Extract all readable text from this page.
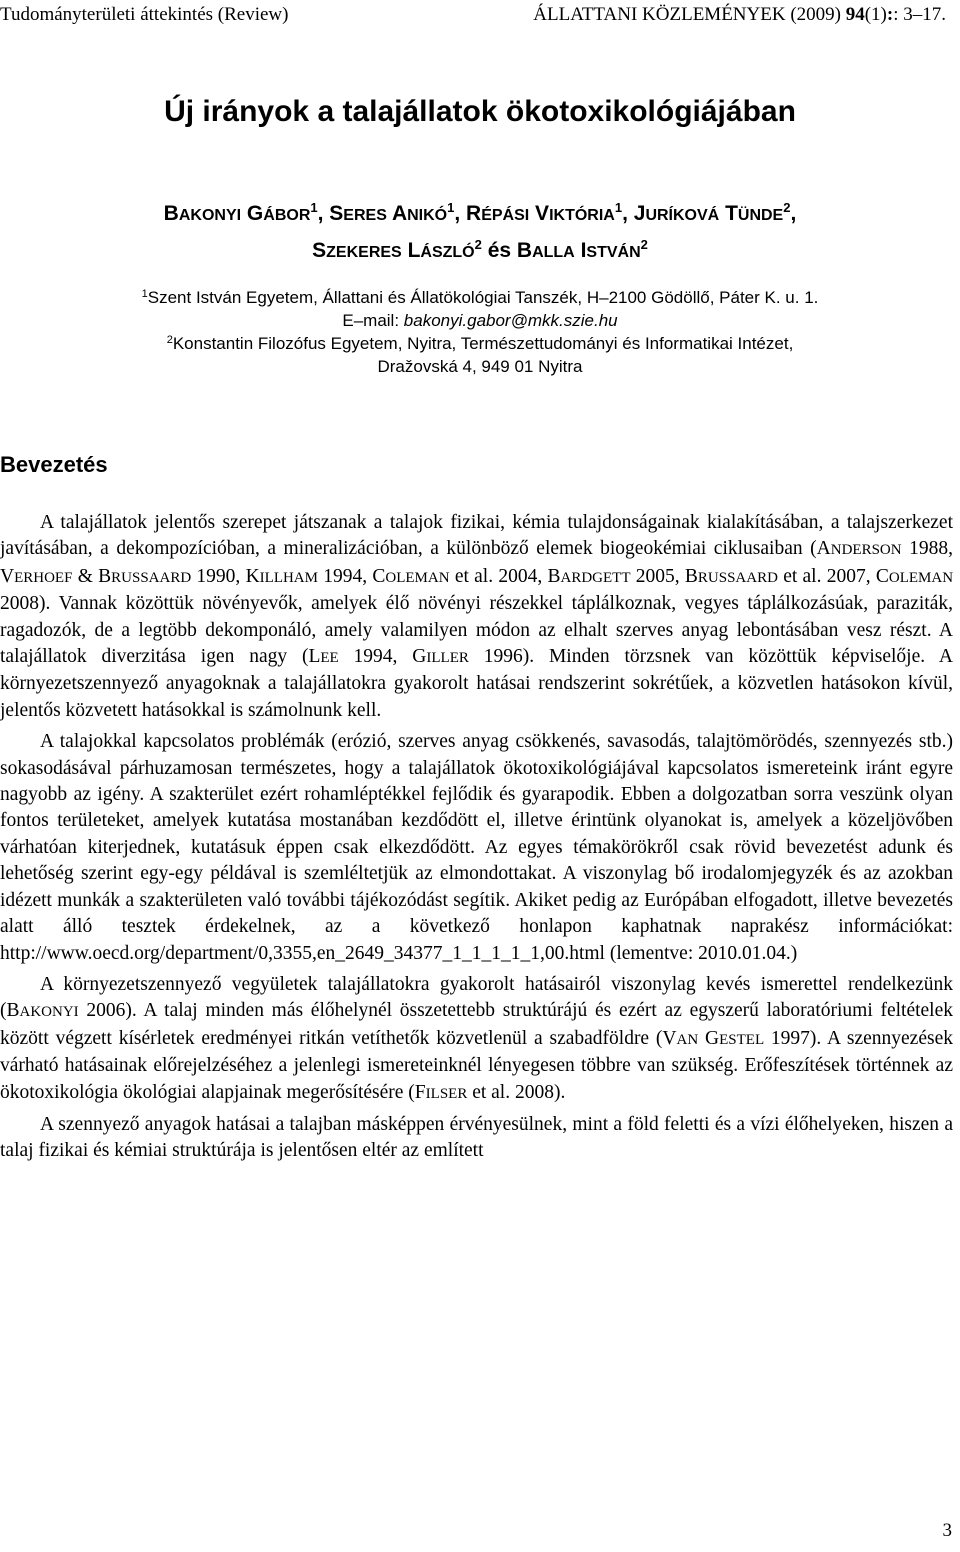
Tudományterületi áttekintés (Review)	ÁLLATTANI KÖZLEMÉNYEK (2009) 94(1):: 3–17.
Új irányok a talajállatok ökotoxikológiájában
BAKONYI GÁBOR$^1$, SERES ANIKÓ$^1$, RÉPÁSI VIKTÓRIA$^1$, JURÍKOVÁ TÜNDE$^2$,
SZEKERES LÁSZLÓ$^2$ és BALLA ISTVÁN$^2$
$^1$Szent István Egyetem, Állattani és Állatökológiai Tanszék, H–2100 Gödöllő, Páter K. u. 1.
E–mail: bakonyi.gabor@mkk.szie.hu
$^2$Konstantin Filozófus Egyetem, Nyitra, Természettudományi és Informatikai Intézet,
Dražovská 4, 949 01 Nyitra
Bevezetés

A talajállatok jelentős szerepet játszanak a talajok fizikai, kémia tulajdonságainak kialakításában, a talajszerkezet javításában, a dekompozícióban, a mineralizációban, a különböző elemek biogeokémiai ciklusaiban (ANDERSON 1988, VERHOEF & BRUSSAARD 1990, KILLHAM 1994, COLEMAN et al. 2004, BARDGETT 2005, BRUSSAARD et al. 2007, COLEMAN 2008). Vannak közöttük növényevők, amelyek élő növényi részekkel táplálkoznak, vegyes táplálkozásúak, paraziták, ragadozók, de a legtöbb dekomponáló, amely valamilyen módon az elhalt szerves anyag lebontásában vesz részt. A talajállatok diverzitása igen nagy (LEE 1994, GILLER 1996). Minden törzsnek van közöttük képviselője. A környezetszennyező anyagoknak a talajállatokra gyakorolt hatásai rendszerint sokrétűek, a közvetlen hatásokon kívül, jelentős közvetett hatásokkal is számolnunk kell.

A talajokkal kapcsolatos problémák (erózió, szerves anyag csökkenés, savasodás, talajtömörödés, szennyezés stb.) sokasodásával párhuzamosan természetes, hogy a talajállatok ökotoxikológiájával kapcsolatos ismereteink iránt egyre nagyobb az igény. A szakterület ezért rohamléptékkel fejlődik és gyarapodik. Ebben a dolgozatban sorra veszünk olyan fontos területeket, amelyek kutatása mostanában kezdődött el, illetve érintünk olyanokat is, amelyek a közeljövőben várhatóan kiterjednek, kutatásuk éppen csak elkezdődött. Az egyes témakörökről csak rövid bevezetést adunk és lehetőség szerint egy-egy példával is szemléltetjük az elmondottakat. A viszonylag bő irodalomjegyzék és az azokban idézett munkák a szakterületen való további tájékozódást segítik. Akiket pedig az Európában elfogadott, illetve bevezetés alatt álló tesztek érdekelnek, az a következő honlapon kaphatnak naprakész információkat: http://www.oecd.org/department/0,3355,en_2649_34377_1_1_1_1_1,00.html (lementve: 2010.01.04.)

A környezetszennyező vegyületek talajállatokra gyakorolt hatásairól viszonylag kevés ismerettel rendelkezünk (BAKONYI 2006). A talaj minden más élőhelynél összetettebb struktúrájú és ezért az egyszerű laboratóriumi feltételek között végzett kísérletek eredményei ritkán vetíthetők közvetlenül a szabadföldre (VAN GESTEL 1997). A szennyezések várható hatásainak előrejelzéséhez a jelenlegi ismereteinknél lényegesen többre van szükség. Erőfeszítések történnek az ökotoxikológia ökológiai alapjainak megerősítésére (FILSER et al. 2008).

A szennyező anyagok hatásai a talajban másképpen érvényesülnek, mint a föld feletti és a vízi élőhelyeken, hiszen a talaj fizikai és kémiai struktúrája is jelentősen eltér az említett

3
